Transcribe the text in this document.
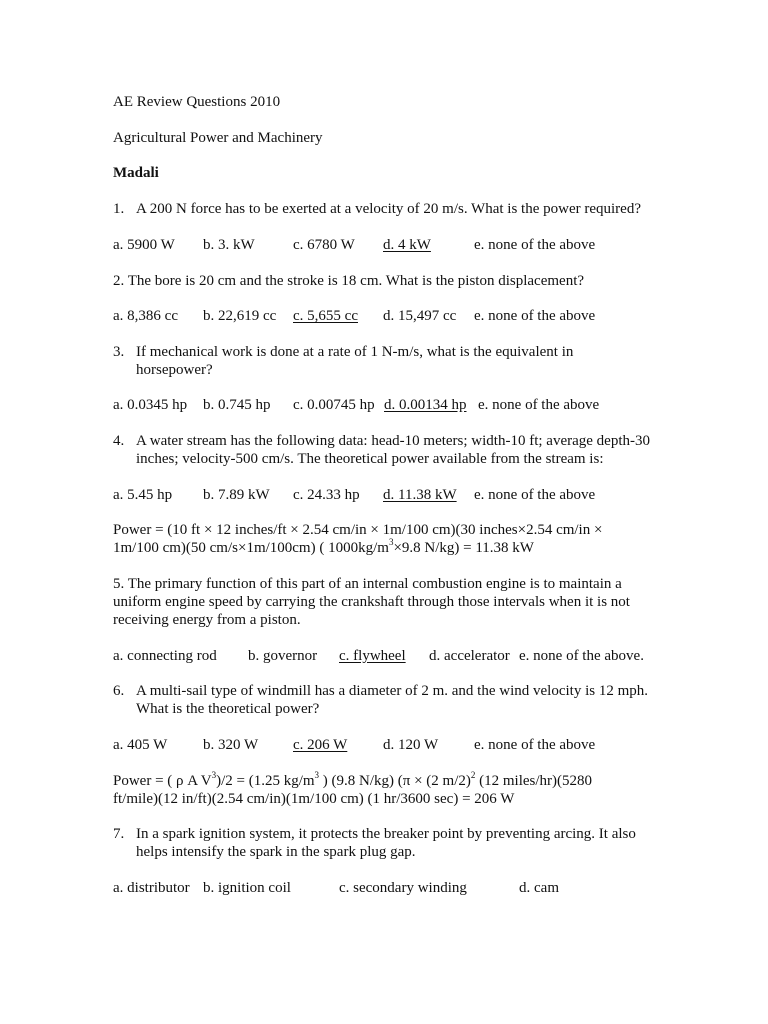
AE Review Questions 2010
Agricultural Power and Machinery
Madali
1. A 200 N force has to be exerted at a velocity of 20 m/s. What is the power required?
a. 5900 W b. 3. kW	c. 6780 W d. 4 kW	e. none of the above
2. The bore is 20 cm and the stroke is 18 cm. What is the piston displacement?
a. 8,386 cc b. 22,619 cc c. 5,655 cc d. 15,497 cc e. none of the above
3. If mechanical work is done at a rate of 1 N-m/s, what is the equivalent in
horsepower?
a. 0.0345 hp b. 0.745 hp c. 0.00745 hp d. 0.00134 hp e. none of the above
4. A water stream has the following data: head-10 meters; width-10 ft; average depth-30
inches; velocity-500 cm/s. The theoretical power available from the stream is:
a. 5.45 hp b. 7.89 kW c. 24.33 hp d. 11.38 kW e. none of the above
Power = (10 ft × 12 inches/ft × 2.54 cm/in × 1m/100 cm)(30 inches×2.54 cm/in ×
1m/100 cm)(50 cm/s×1m/100cm) ( $1000kg/m^3\times 9.8$ N/kg) = 11.38 kW
5. The primary function of this part of an internal combustion engine is to maintain a
uniform engine speed by carrying the crankshaft through those intervals when it is not
receiving energy from a piston.
a. connecting rod b. governor c. flywheel d. accelerator e. none of the above.
6. A multi-sail type of windmill has a diameter of 2 m. and the wind velocity is 12 mph.
What is the theoretical power?
a. 405 W b. 320 W c. 206 W d. 120 W e. none of the above
Power = ( ρ A $V^3)/2 = (1.25$ $kg/m^3$ ) (9.8 N/kg) (π × (2 m/2)$^2$ (12 miles/hr)(5280
ft/mile)(12 in/ft)(2.54 cm/in)(1m/100 cm) (1 hr/3600 sec) = 206 W
7. In a spark ignition system, it protects the breaker point by preventing arcing. It also
helps intensify the spark in the spark plug gap.
a. distributor b. ignition coil	c. secondary winding	d. cam
